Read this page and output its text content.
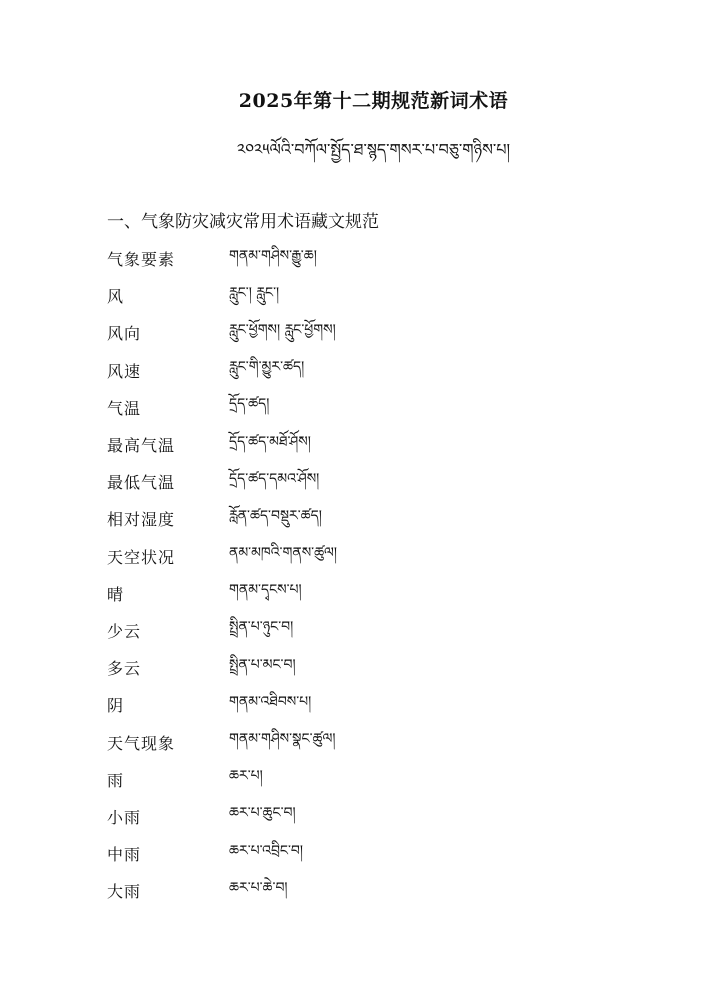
2025年第十二期规范新词术语
༢༠༢༥ལོའི་བཀོལ་སྤྱོད་ཐ་སྙད་གསར་པ་བཅུ་གཉིས་པ།
一、气象防灾减灾常用术语藏文规范
气象要素	གནམ་གཤིས་རྒྱུ་ཆ།
风	རླུང་། རླུང་།
风向	རླུང་ཕྱོགས། རླུང་ཕྱོགས།
风速	རླུང་གི་མྱུར་ཚད།
气温	དྲོད་ཚད།
最高气温	དྲོད་ཚད་མཐོ་ཤོས།
最低气温	དྲོད་ཚད་དམའ་ཤོས།
相对湿度	རློན་ཚད་བསྡུར་ཚད།
天空状况	ནམ་མཁའི་གནས་ཚུལ།
晴	གནམ་དྭངས་པ།
少云	སྤྲིན་པ་ཉུང་བ།
多云	སྤྲིན་པ་མང་བ།
阴	གནམ་འཐིབས་པ།
天气现象	གནམ་གཤིས་སྣང་ཚུལ།
雨	ཆར་པ།
小雨	ཆར་པ་ཆུང་བ།
中雨	ཆར་པ་འབྲིང་བ།
大雨	ཆར་པ་ཆེ་བ།
